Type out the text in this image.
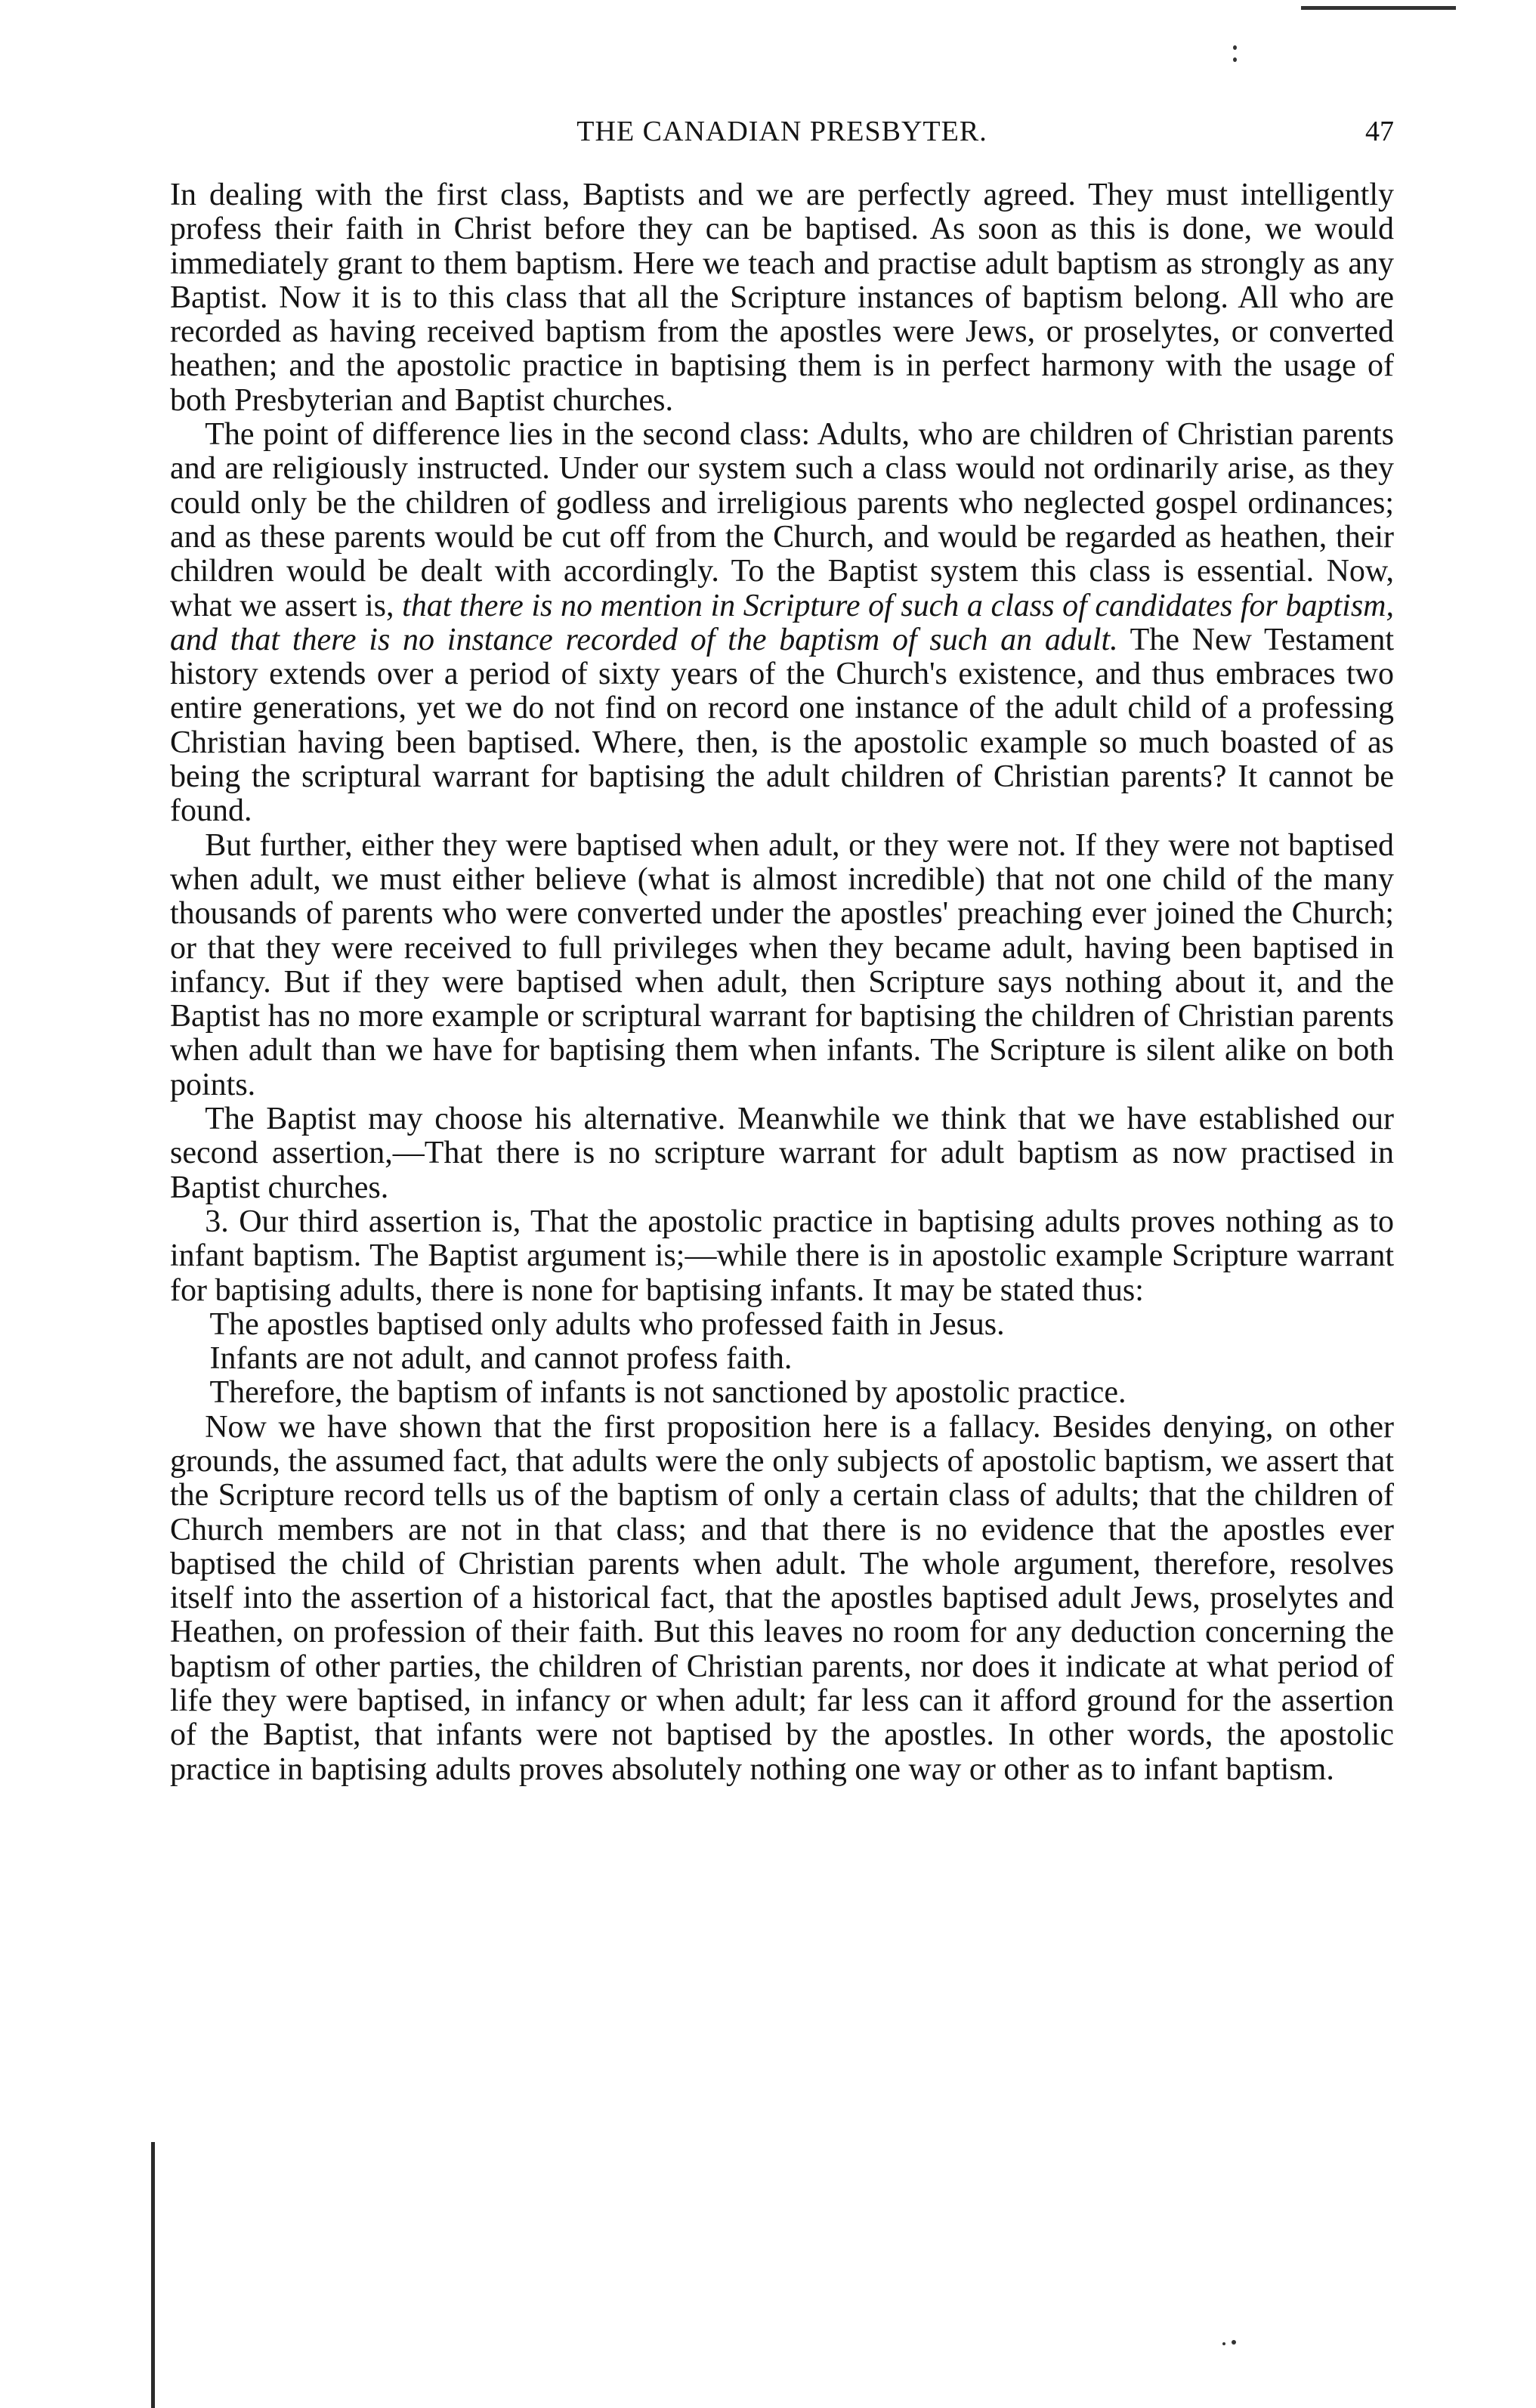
THE CANADIAN PRESBYTER.	47

In dealing with the first class, Baptists and we are perfectly agreed. They must intelligently profess their faith in Christ before they can be baptised. As soon as this is done, we would immediately grant to them baptism. Here we teach and practise adult baptism as strongly as any Baptist. Now it is to this class that all the Scripture instances of baptism belong. All who are recorded as having received baptism from the apostles were Jews, or proselytes, or converted heathen; and the apostolic practice in baptising them is in perfect harmony with the usage of both Presbyterian and Baptist churches.

The point of difference lies in the second class: Adults, who are children of Christian parents and are religiously instructed. Under our system such a class would not ordinarily arise, as they could only be the children of godless and irreligious parents who neglected gospel ordinances; and as these parents would be cut off from the Church, and would be regarded as heathen, their children would be dealt with accordingly. To the Baptist system this class is essential. Now, what we assert is, that there is no mention in Scripture of such a class of candidates for baptism, and that there is no instance recorded of the baptism of such an adult. The New Testament history extends over a period of sixty years of the Church's existence, and thus embraces two entire generations, yet we do not find on record one instance of the adult child of a professing Christian having been baptised. Where, then, is the apostolic example so much boasted of as being the scriptural warrant for baptising the adult children of Christian parents? It cannot be found.

But further, either they were baptised when adult, or they were not. If they were not baptised when adult, we must either believe (what is almost incredible) that not one child of the many thousands of parents who were converted under the apostles' preaching ever joined the Church; or that they were received to full privileges when they became adult, having been baptised in infancy. But if they were baptised when adult, then Scripture says nothing about it, and the Baptist has no more example or scriptural warrant for baptising the children of Christian parents when adult than we have for baptising them when infants. The Scripture is silent alike on both points.

The Baptist may choose his alternative. Meanwhile we think that we have established our second assertion,—That there is no scripture warrant for adult baptism as now practised in Baptist churches.

3. Our third assertion is, That the apostolic practice in baptising adults proves nothing as to infant baptism. The Baptist argument is;—while there is in apostolic example Scripture warrant for baptising adults, there is none for baptising infants. It may be stated thus:

The apostles baptised only adults who professed faith in Jesus.

Infants are not adult, and cannot profess faith.

Therefore, the baptism of infants is not sanctioned by apostolic practice.

Now we have shown that the first proposition here is a fallacy. Besides denying, on other grounds, the assumed fact, that adults were the only subjects of apostolic baptism, we assert that the Scripture record tells us of the baptism of only a certain class of adults; that the children of Church members are not in that class; and that there is no evidence that the apostles ever baptised the child of Christian parents when adult. The whole argument, therefore, resolves itself into the assertion of a historical fact, that the apostles baptised adult Jews, proselytes and Heathen, on profession of their faith. But this leaves no room for any deduction concerning the baptism of other parties, the children of Christian parents, nor does it indicate at what period of life they were baptised, in infancy or when adult; far less can it afford ground for the assertion of the Baptist, that infants were not baptised by the apostles. In other words, the apostolic practice in baptising adults proves absolutely nothing one way or other as to infant baptism.
